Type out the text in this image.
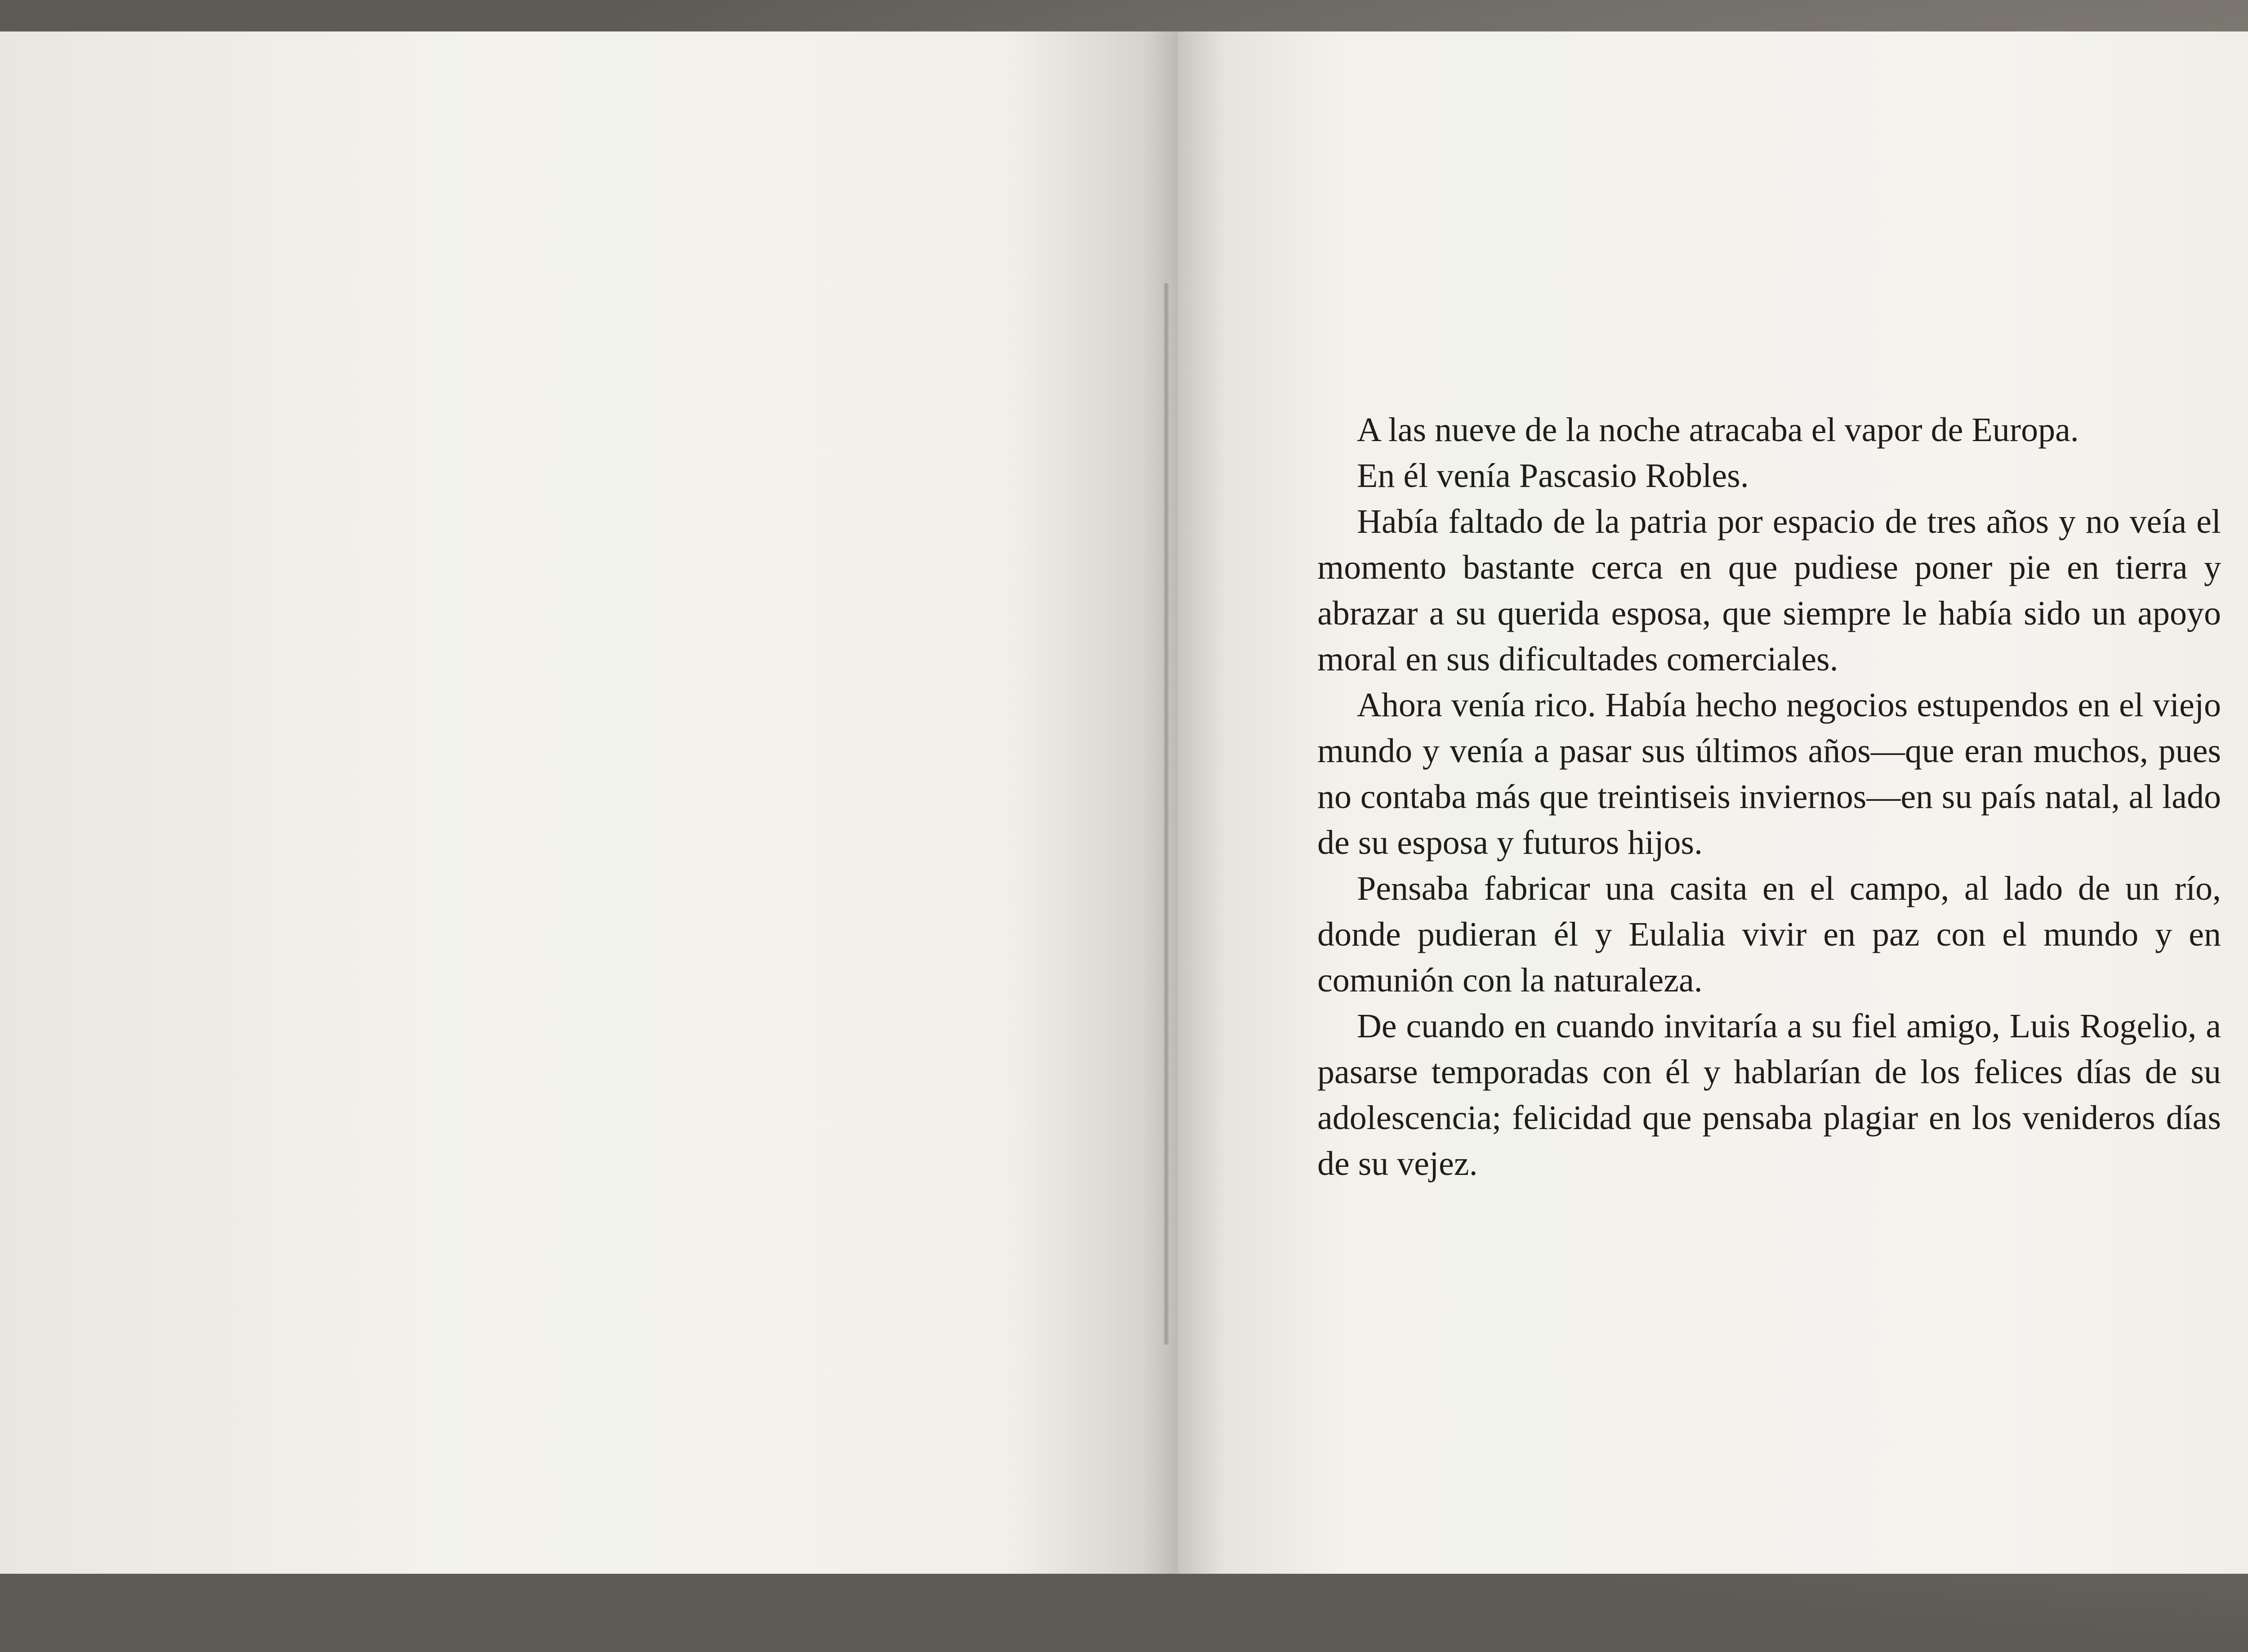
A las nueve de la noche atracaba el vapor de Europa.

En él venía Pascasio Robles.

Había faltado de la patria por espacio de tres años y no veía el momento bastante cerca en que pudiese poner pie en tierra y abrazar a su querida esposa, que siempre le había sido un apoyo moral en sus dificultades comerciales.

Ahora venía rico. Había hecho negocios estupendos en el viejo mundo y venía a pasar sus últimos años—que eran muchos, pues no contaba más que treintiseis inviernos—en su país natal, al lado de su esposa y futuros hijos.

Pensaba fabricar una casita en el campo, al lado de un río, donde pudieran él y Eulalia vivir en paz con el mundo y en comunión con la naturaleza.

De cuando en cuando invitaría a su fiel amigo, Luis Rogelio, a pasarse temporadas con él y hablarían de los felices días de su adolescencia; felicidad que pensaba plagiar en los venideros días de su vejez.
